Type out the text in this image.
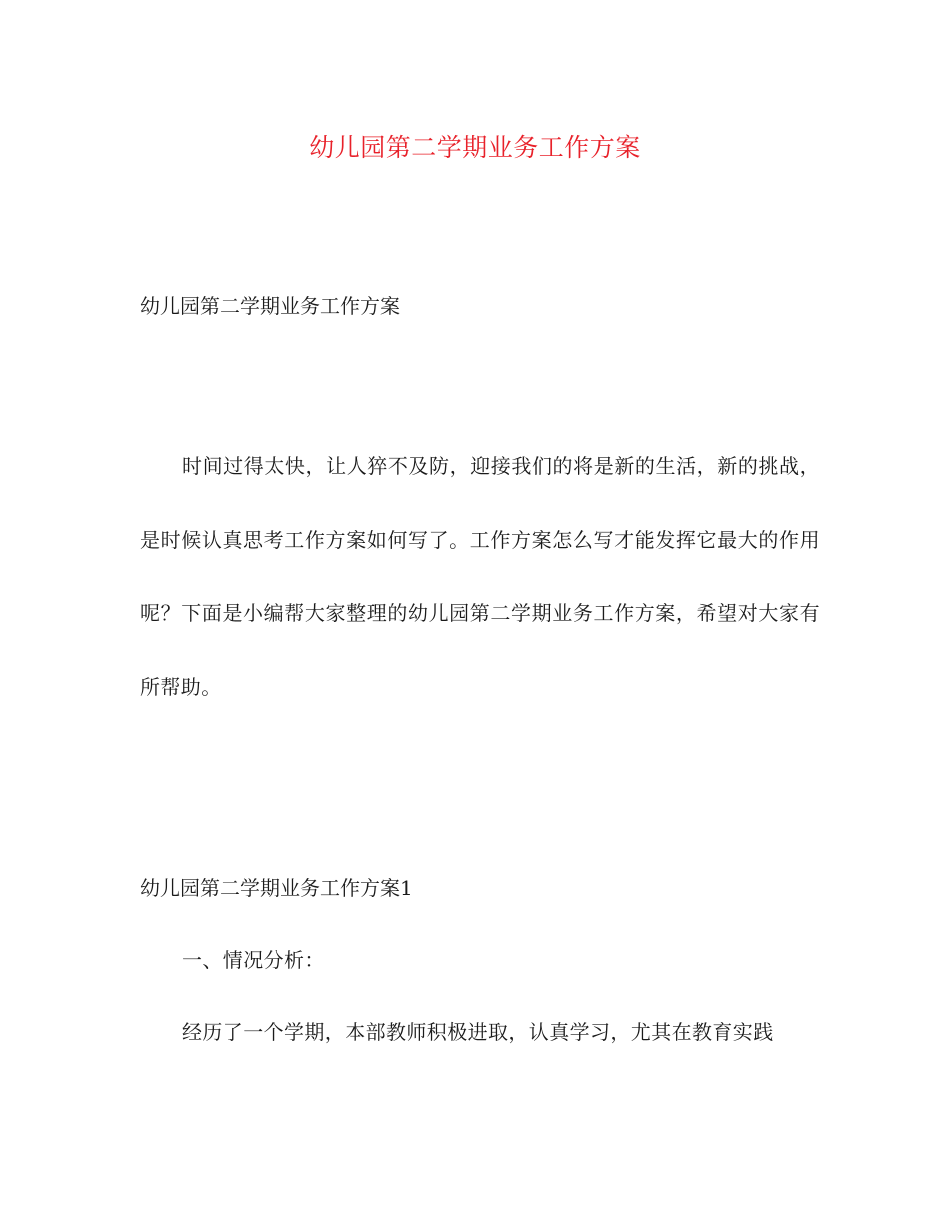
幼儿园第二学期业务工作方案
幼儿园第二学期业务工作方案

时间过得太快，让人猝不及防，迎接我们的将是新的生活，新的挑战，是时候认真思考工作方案如何写了。工作方案怎么写才能发挥它最大的作用呢？下面是小编帮大家整理的幼儿园第二学期业务工作方案，希望对大家有所帮助。

幼儿园第二学期业务工作方案1

一、情况分析：

经历了一个学期，本部教师积极进取，认真学习，尤其在教育实践
